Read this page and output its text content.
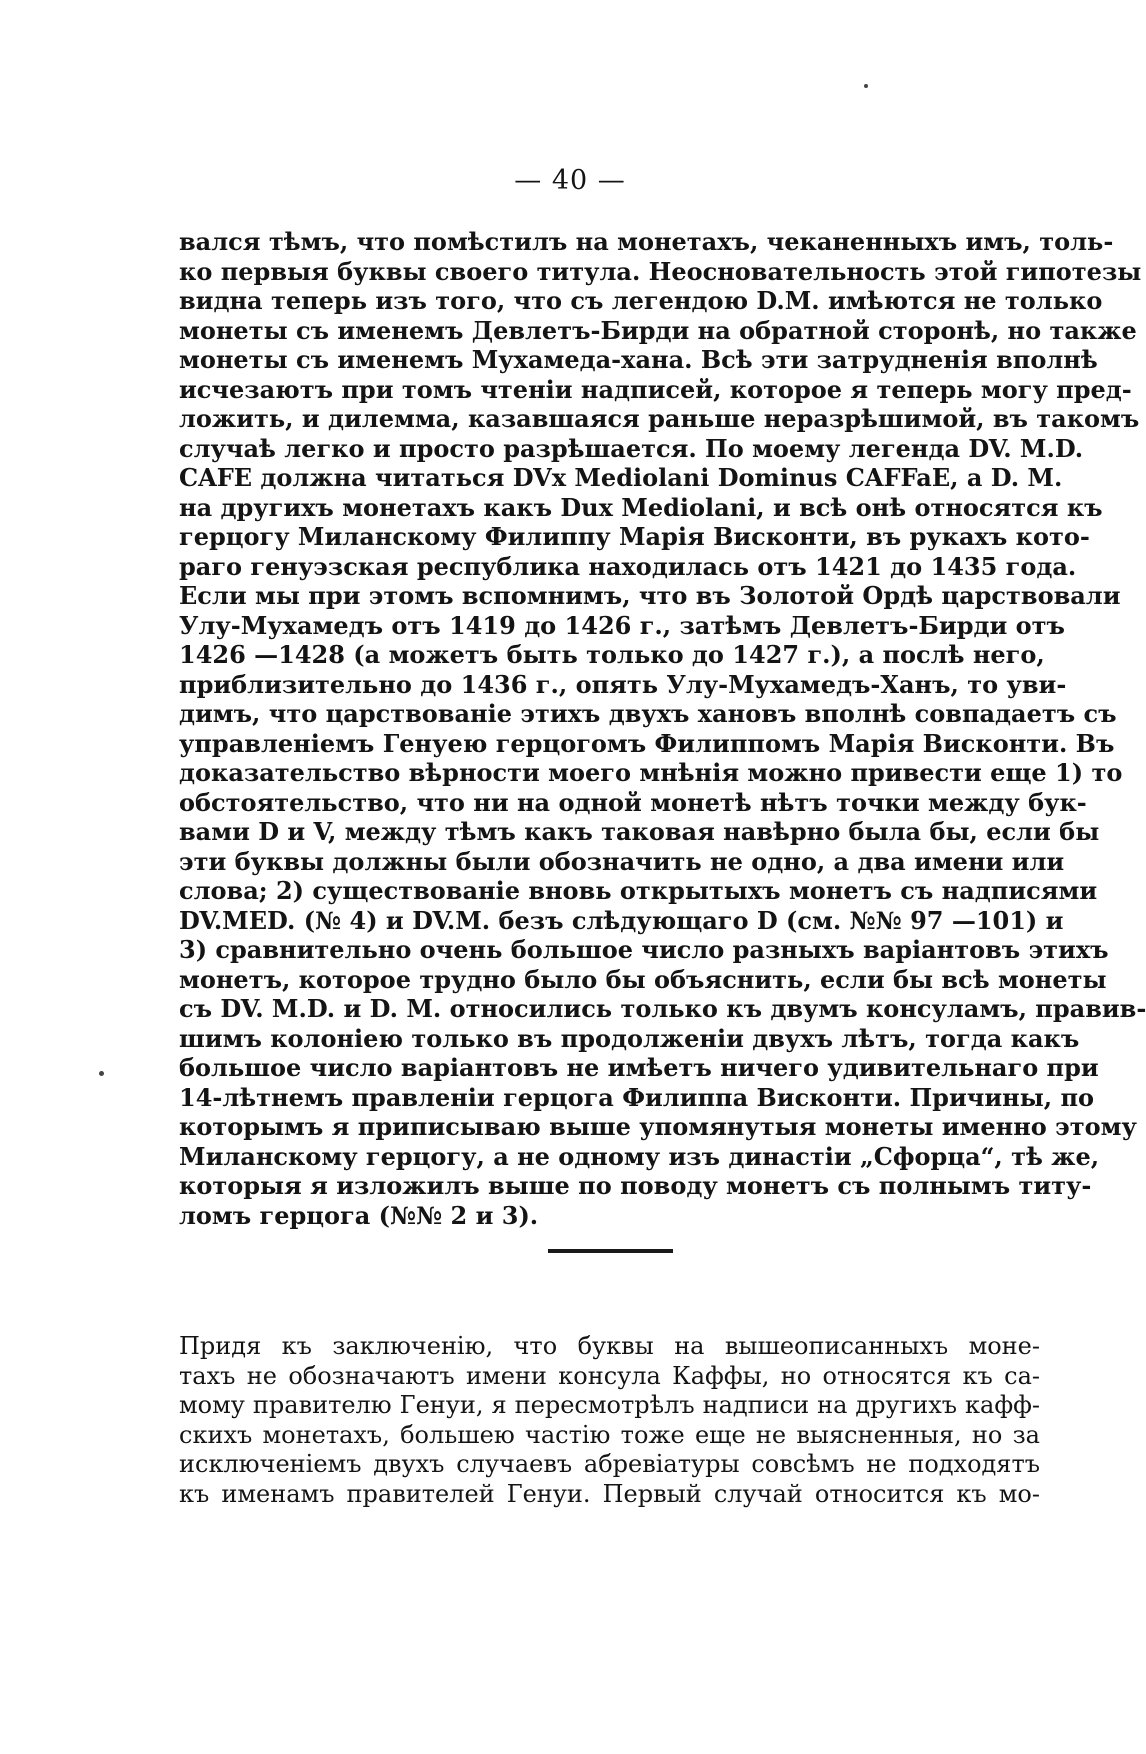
— 40 —
вался тѣмъ, что помѣстилъ на монетахъ, чеканенныхъ имъ, толь-
ко первыя буквы своего титула. Неосновательность этой гипотезы
видна теперь изъ того, что съ легендою D.M. имѣются не только
монеты съ именемъ Девлетъ-Бирди на обратной сторонѣ, но также
монеты съ именемъ Мухамеда-хана. Всѣ эти затрудненія вполнѣ
исчезаютъ при томъ чтеніи надписей, которое я теперь могу пред-
ложить, и дилемма, казавшаяся раньше неразрѣшимой, въ такомъ
случаѣ легко и просто разрѣшается. По моему легенда DV. M.D.
CAFE должна читаться DVx Mediolani Dominus CAFFaE, а D. M.
на другихъ монетахъ какъ Dux Mediolani, и всѣ онѣ относятся къ
герцогу Миланскому Филиппу Марія Висконти, въ рукахъ кото-
раго генуэзская республика находилась отъ 1421 до 1435 года.
Если мы при этомъ вспомнимъ, что въ Золотой Ордѣ царствовали
Улу-Мухамедъ отъ 1419 до 1426 г., затѣмъ Девлетъ-Бирди отъ
1426 —1428 (а можетъ быть только до 1427 г.), а послѣ него,
приблизительно до 1436 г., опять Улу-Мухамедъ-Ханъ, то уви-
димъ, что царствованіе этихъ двухъ хановъ вполнѣ совпадаетъ съ
управленіемъ Генуею герцогомъ Филиппомъ Марія Висконти. Въ
доказательство вѣрности моего мнѣнія можно привести еще 1) то
обстоятельство, что ни на одной монетѣ нѣтъ точки между бук-
вами D и V, между тѣмъ какъ таковая навѣрно была бы, если бы
эти буквы должны были обозначить не одно, а два имени или
слова; 2) существованіе вновь открытыхъ монетъ съ надписями
DV.MED. (№ 4) и DV.M. безъ слѣдующаго D (см. №№ 97 —101) и
3) сравнительно очень большое число разныхъ варіантовъ этихъ
монетъ, которое трудно было бы объяснить, если бы всѣ монеты
съ DV. M.D. и D. M. относились только къ двумъ консуламъ, правив-
шимъ колоніею только въ продолженіи двухъ лѣтъ, тогда какъ
большое число варіантовъ не имѣетъ ничего удивительнаго при
14-лѣтнемъ правленіи герцога Филиппа Висконти. Причины, по
которымъ я приписываю выше упомянутыя монеты именно этому
Миланскому герцогу, а не одному изъ династіи „Сфорца“, тѣ же,
которыя я изложилъ выше по поводу монетъ съ полнымъ титу-
ломъ герцога (№№ 2 и 3).
Придя къ заключенію, что буквы на вышеописанныхъ моне-
тахъ не обозначаютъ имени консула Каффы, но относятся къ са-
мому правителю Генуи, я пересмотрѣлъ надписи на другихъ кафф-
скихъ монетахъ, большею частію тоже еще не выясненныя, но за
исключеніемъ двухъ случаевъ абревіатуры совсѣмъ не подходятъ
къ именамъ правителей Генуи. Первый случай относится къ мо-
